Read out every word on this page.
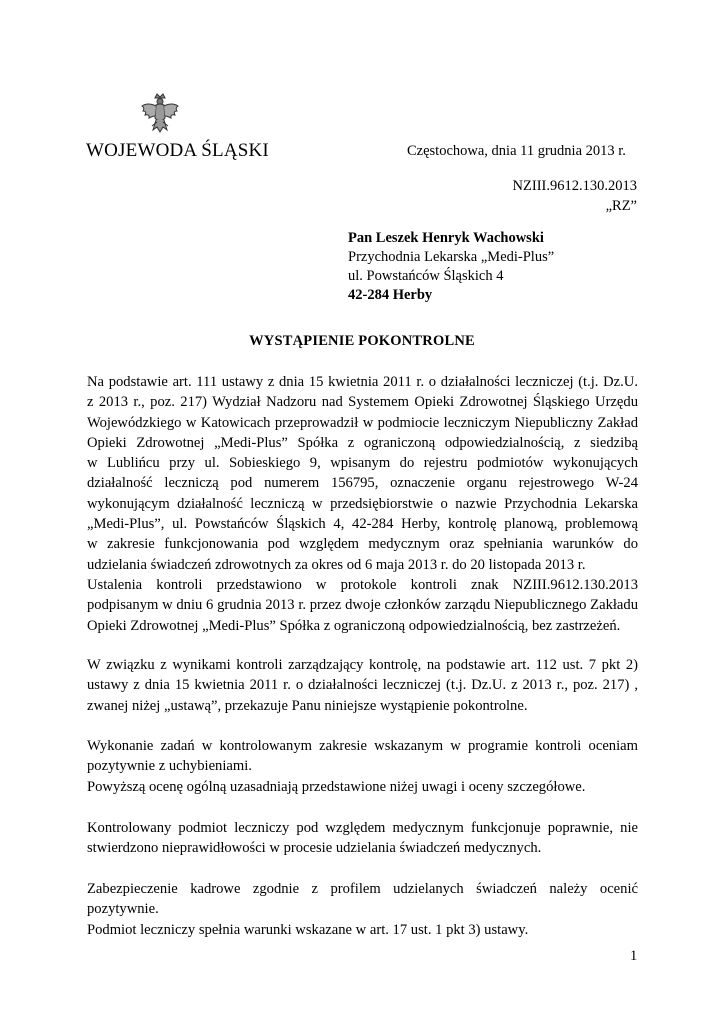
WOJEWODA ŚLĄSKI	Częstochowa, dnia 11 grudnia 2013 r.
NZIII.9612.130.2013
„RZ”
Pan Leszek Henryk Wachowski
Przychodnia Lekarska „Medi-Plus”
ul. Powstańców Śląskich 4
42-284 Herby
WYSTĄPIENIE POKONTROLNE
Na podstawie art. 111 ustawy z dnia 15 kwietnia 2011 r. o działalności leczniczej (t.j. Dz.U.
z 2013 r., poz. 217) Wydział Nadzoru nad Systemem Opieki Zdrowotnej Śląskiego Urzędu
Wojewódzkiego w Katowicach przeprowadził w podmiocie leczniczym Niepubliczny Zakład
Opieki Zdrowotnej „Medi-Plus” Spółka z ograniczoną odpowiedzialnością, z siedzibą
w Lublińcu przy ul. Sobieskiego 9, wpisanym do rejestru podmiotów wykonujących
działalność leczniczą pod numerem 156795, oznaczenie organu rejestrowego W-24
wykonującym działalność leczniczą w przedsiębiorstwie o nazwie Przychodnia Lekarska
„Medi-Plus”, ul. Powstańców Śląskich 4, 42-284 Herby, kontrolę planową, problemową
w zakresie funkcjonowania pod względem medycznym oraz spełniania warunków do
udzielania świadczeń zdrowotnych za okres od 6 maja 2013 r. do 20 listopada 2013 r.
Ustalenia kontroli przedstawiono w protokole kontroli znak NZIII.9612.130.2013
podpisanym w dniu 6 grudnia 2013 r. przez dwoje członków zarządu Niepublicznego Zakładu
Opieki Zdrowotnej „Medi-Plus” Spółka z ograniczoną odpowiedzialnością, bez zastrzeżeń.
W związku z wynikami kontroli zarządzający kontrolę, na podstawie art. 112 ust. 7 pkt 2)
ustawy z dnia 15 kwietnia 2011 r. o działalności leczniczej (t.j. Dz.U. z 2013 r., poz. 217) ,
zwanej niżej „ustawą”, przekazuje Panu niniejsze wystąpienie pokontrolne.
Wykonanie zadań w kontrolowanym zakresie wskazanym w programie kontroli oceniam
pozytywnie z uchybieniami.
Powyższą ocenę ogólną uzasadniają przedstawione niżej uwagi i oceny szczegółowe.
Kontrolowany podmiot leczniczy pod względem medycznym funkcjonuje poprawnie, nie
stwierdzono nieprawidłowości w procesie udzielania świadczeń medycznych.
Zabezpieczenie kadrowe zgodnie z profilem udzielanych świadczeń należy ocenić
pozytywnie.
Podmiot leczniczy spełnia warunki wskazane w art. 17 ust. 1 pkt 3) ustawy.
1
